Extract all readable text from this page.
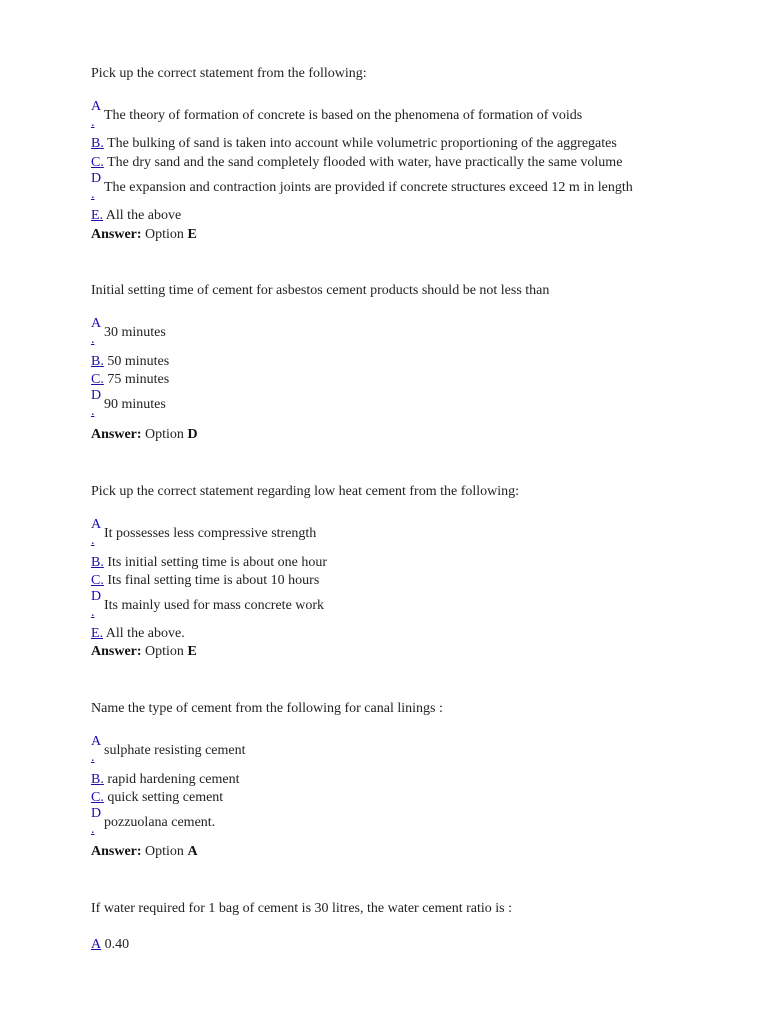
Pick up the correct statement from the following:
A
. The theory of formation of concrete is based on the phenomena of formation of voids
B. The bulking of sand is taken into account while volumetric proportioning of the aggregates
C. The dry sand and the sand completely flooded with water, have practically the same volume
D
. The expansion and contraction joints are provided if concrete structures exceed 12 m in length
E. All the above
Answer: Option E
Initial setting time of cement for asbestos cement products should be not less than
A
. 30 minutes
B. 50 minutes
C. 75 minutes
D
. 90 minutes
Answer: Option D
Pick up the correct statement regarding low heat cement from the following:
A
. It possesses less compressive strength
B. Its initial setting time is about one hour
C. Its final setting time is about 10 hours
D
. Its mainly used for mass concrete work
E. All the above.
Answer: Option E
Name the type of cement from the following for canal linings :
A
. sulphate resisting cement
B. rapid hardening cement
C. quick setting cement
D
. pozzuolana cement.
Answer: Option A
If water required for 1 bag of cement is 30 litres, the water cement ratio is :
A 0.40
